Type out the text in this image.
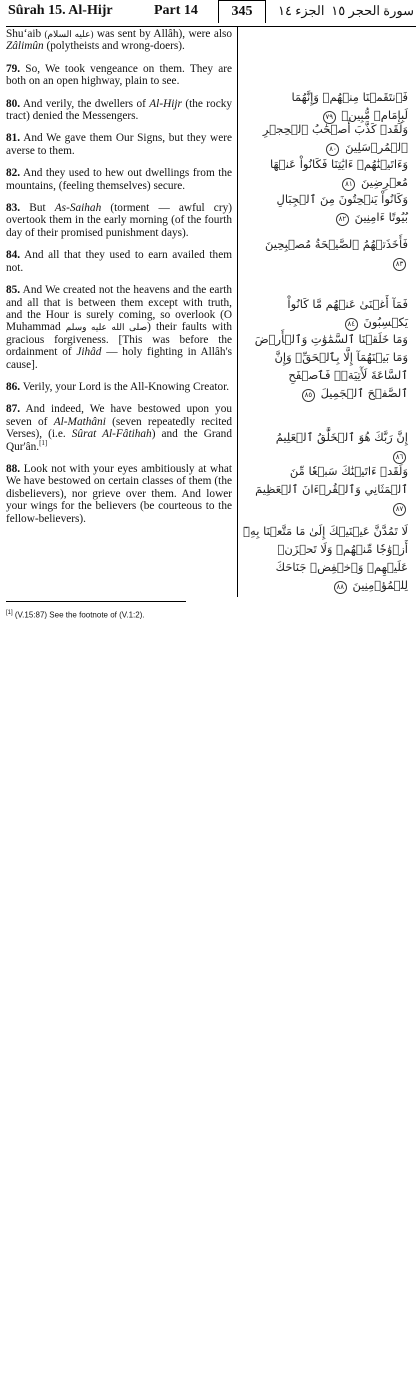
Sûrah 15. Al-Hijr	Part 14	345	الجزء ١٤ سورة الحجر ١٥

Shu‘aib (عليه السلام) was sent by Allâh), were also Zâlimûn (polytheists and wrong-doers).

79. So, We took vengeance on them. They are both on an open highway, plain to see.

80. And verily, the dwellers of Al-Hijr (the rocky tract) denied the Messengers.

81. And We gave them Our Signs, but they were averse to them.

82. And they used to hew out dwellings from the mountains, (feeling themselves) secure.

83. But As-Saihah (torment — awful cry) overtook them in the early morning (of the fourth day of their promised punishment days).

84. And all that they used to earn availed them not.

85. And We created not the heavens and the earth and all that is between them except with truth, and the Hour is surely coming, so overlook (O Muhammad صلى الله عليه وسلم) their faults with gracious forgiveness. [This was before the ordainment of Jihâd — holy fighting in Allâh's cause].

86. Verily, your Lord is the All-Knowing Creator.

87. And indeed, We have bestowed upon you seven of Al-Mathâni (seven repeatedly recited Verses), (i.e. Sûrat Al-Fâtihah) and the Grand Qur'ân.[1]

88. Look not with your eyes ambitiously at what We have bestowed on certain classes of them (the disbelievers), nor grieve over them. And lower your wings for the believers (be courteous to the fellow-believers).

فَٱنتَقَمۡنَا مِنۡهُمۡ وَإِنَّهُمَا لَبِإِمَامٖ مُّبِينٖ ٧٩
وَلَقَدۡ كَذَّبَ أَصۡحَٰبُ ٱلۡحِجۡرِ ٱلۡمُرۡسَلِينَ ٨٠
وَءَاتَيۡنَٰهُمۡ ءَايَٰتِنَا فَكَانُواْ عَنۡهَا مُعۡرِضِينَ ٨١
وَكَانُواْ يَنۡحِتُونَ مِنَ ٱلۡجِبَالِ بُيُوتًا ءَامِنِينَ ٨٢
فَأَخَذَتۡهُمُ ٱلصَّيۡحَةُ مُصۡبِحِينَ ٨٣
فَمَآ أَغۡنَىٰ عَنۡهُم مَّا كَانُواْ يَكۡسِبُونَ ٨٤
وَمَا خَلَقۡنَا ٱلسَّمَٰوَٰتِ وَٱلۡأَرۡضَ وَمَا بَيۡنَهُمَآ إِلَّا بِٱلۡحَقِّۗ وَإِنَّ ٱلسَّاعَةَ لَأٓتِيَةٞۖ فَٱصۡفَحِ ٱلصَّفۡحَ ٱلۡجَمِيلَ ٨٥
إِنَّ رَبَّكَ هُوَ ٱلۡخَلَّٰقُ ٱلۡعَلِيمُ ٨٦
وَلَقَدۡ ءَاتَيۡنَٰكَ سَبۡعٗا مِّنَ ٱلۡمَثَانِي وَٱلۡقُرۡءَانَ ٱلۡعَظِيمَ ٨٧
لَا تَمُدَّنَّ عَيۡنَيۡكَ إِلَىٰ مَا مَتَّعۡنَا بِهِۦٓ أَزۡوَٰجٗا مِّنۡهُمۡ وَلَا تَحۡزَنۡ عَلَيۡهِمۡ وَٱخۡفِضۡ جَنَاحَكَ لِلۡمُؤۡمِنِينَ ٨٨
[1] (V.15:87) See the footnote of (V.1:2).
